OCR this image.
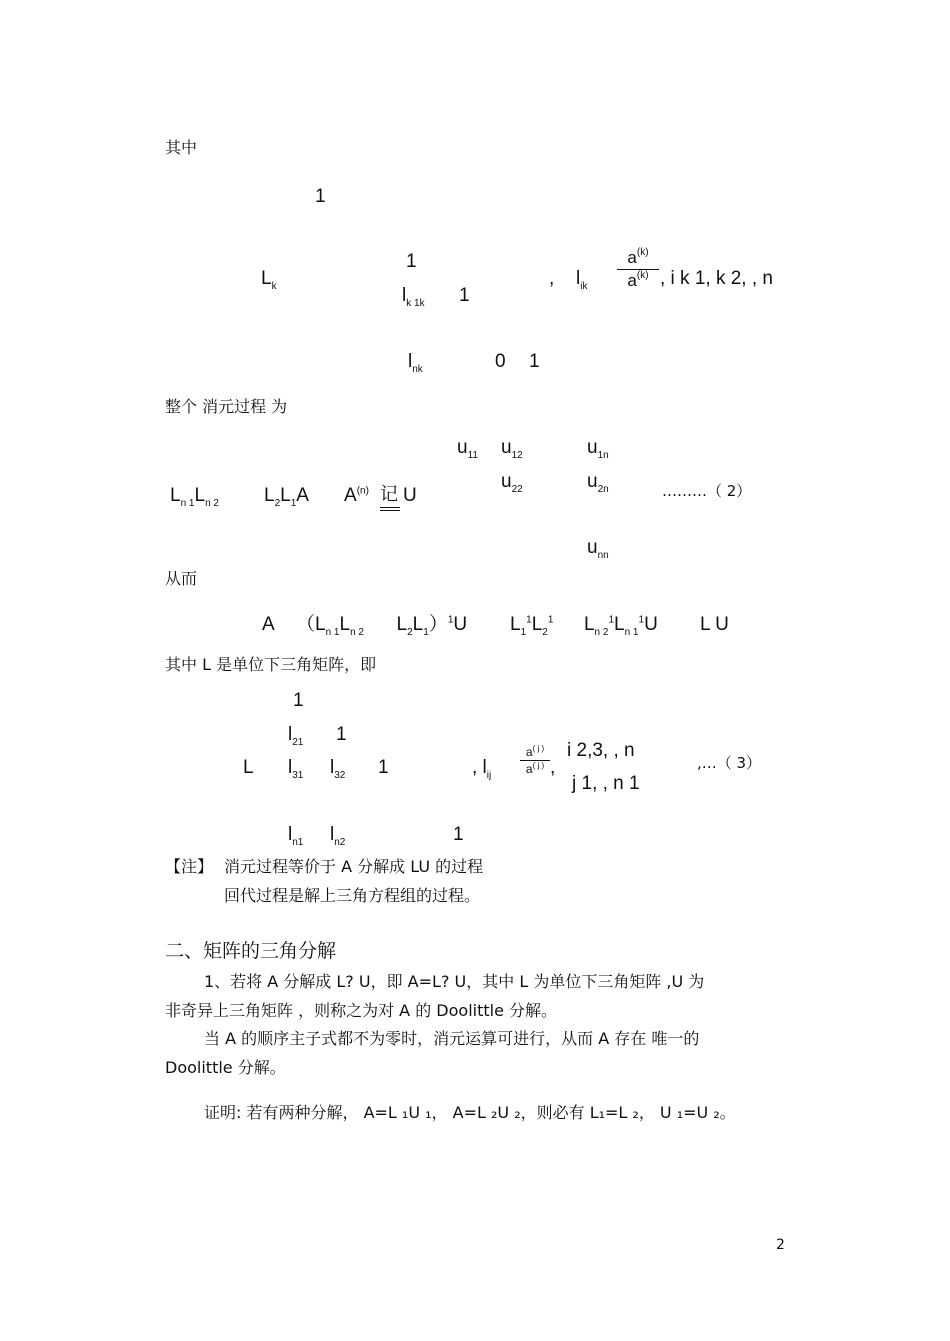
其中
1
1
$L_k$	$l_{k 1k}$ 1
, $l_{ik}$
$a^{(k)}$
$a^{(k)}$ , i k 1, k 2, , n
$l_{nk}$	0 1
整个 消元过程 为
$u_{11}$ $u_{12}$	$u_{1n}$
$L_{n 1}L_{n 2}$ $L_2L_1A$ $A^{(n)}$ 记 U
$u_{22}$	$u_{2n}$	………（ 2）
$u_{nn}$
从而
A （$L_{n 1}L_{n 2}$ $L_2L_1)^1U$ $L_1^1L_2^1$ $L_{n 2}^1L_{n 1}^1U$ L U
其中 L 是单位下三角矩阵，即
1
$l_{21}$ 1
L $l_{31}$ $l_{32}$ 1	, $l_{ij}$
$a^{( j )}$
$a^{( j )}$ ,
i 2,3, , n
j 1, , n 1
,…（ 3）
$l_{n1}$ $l_{n2}$	1
【注】 消元过程等价于 A 分解成 LU 的过程
回代过程是解上三角方程组的过程。
二、矩阵的三角分解
1、若将 A 分解成 L? U，即 A=L? U，其中 L 为单位下三角矩阵 ,U 为
非奇异上三角矩阵 ，则称之为对 A 的 Doolittle 分解。
当 A 的顺序主子式都不为零时，消元运算可进行，从而 A 存在 唯一的
Doolittle 分解。
证明: 若有两种分解， A=L ₁U ₁， A=L ₂U ₂，则必有 L₁=L ₂， U ₁=U ₂。
2
